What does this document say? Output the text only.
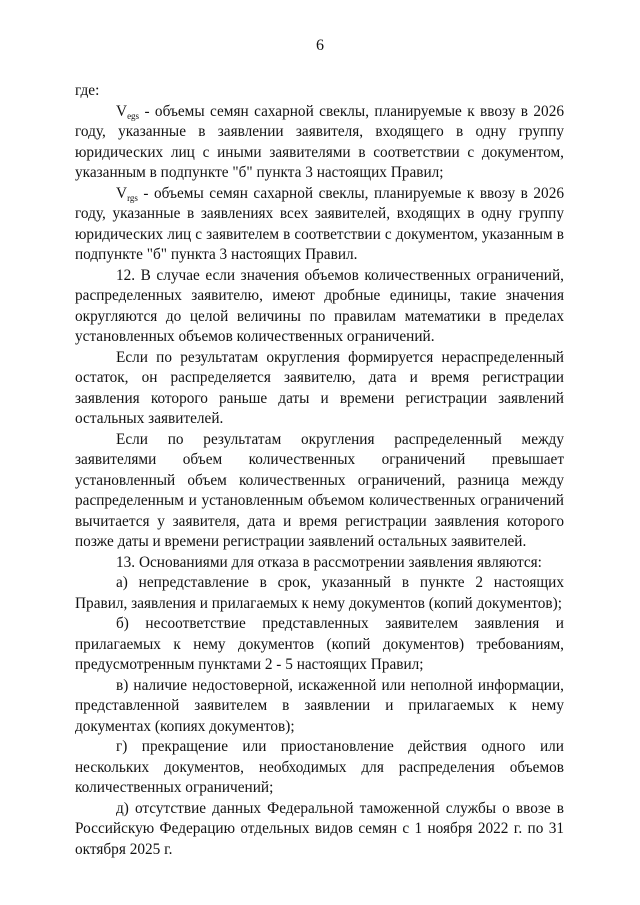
6

где:

Vegs - объемы семян сахарной свеклы, планируемые к ввозу в 2026 году, указанные в заявлении заявителя, входящего в одну группу юридических лиц с иными заявителями в соответствии с документом, указанным в подпункте "б" пункта 3 настоящих Правил;

Vrgs - объемы семян сахарной свеклы, планируемые к ввозу в 2026 году, указанные в заявлениях всех заявителей, входящих в одну группу юридических лиц с заявителем в соответствии с документом, указанным в подпункте "б" пункта 3 настоящих Правил.

12. В случае если значения объемов количественных ограничений, распределенных заявителю, имеют дробные единицы, такие значения округляются до целой величины по правилам математики в пределах установленных объемов количественных ограничений.

Если по результатам округления формируется нераспределенный остаток, он распределяется заявителю, дата и время регистрации заявления которого раньше даты и времени регистрации заявлений остальных заявителей.

Если по результатам округления распределенный между заявителями объем количественных ограничений превышает установленный объем количественных ограничений, разница между распределенным и установленным объемом количественных ограничений вычитается у заявителя, дата и время регистрации заявления которого позже даты и времени регистрации заявлений остальных заявителей.

13. Основаниями для отказа в рассмотрении заявления являются:

а) непредставление в срок, указанный в пункте 2 настоящих Правил, заявления и прилагаемых к нему документов (копий документов);

б) несоответствие представленных заявителем заявления и прилагаемых к нему документов (копий документов) требованиям, предусмотренным пунктами 2 - 5 настоящих Правил;

в) наличие недостоверной, искаженной или неполной информации, представленной заявителем в заявлении и прилагаемых к нему документах (копиях документов);

г) прекращение или приостановление действия одного или нескольких документов, необходимых для распределения объемов количественных ограничений;

д) отсутствие данных Федеральной таможенной службы о ввозе в Российскую Федерацию отдельных видов семян с 1 ноября 2022 г. по 31 октября 2025 г.
